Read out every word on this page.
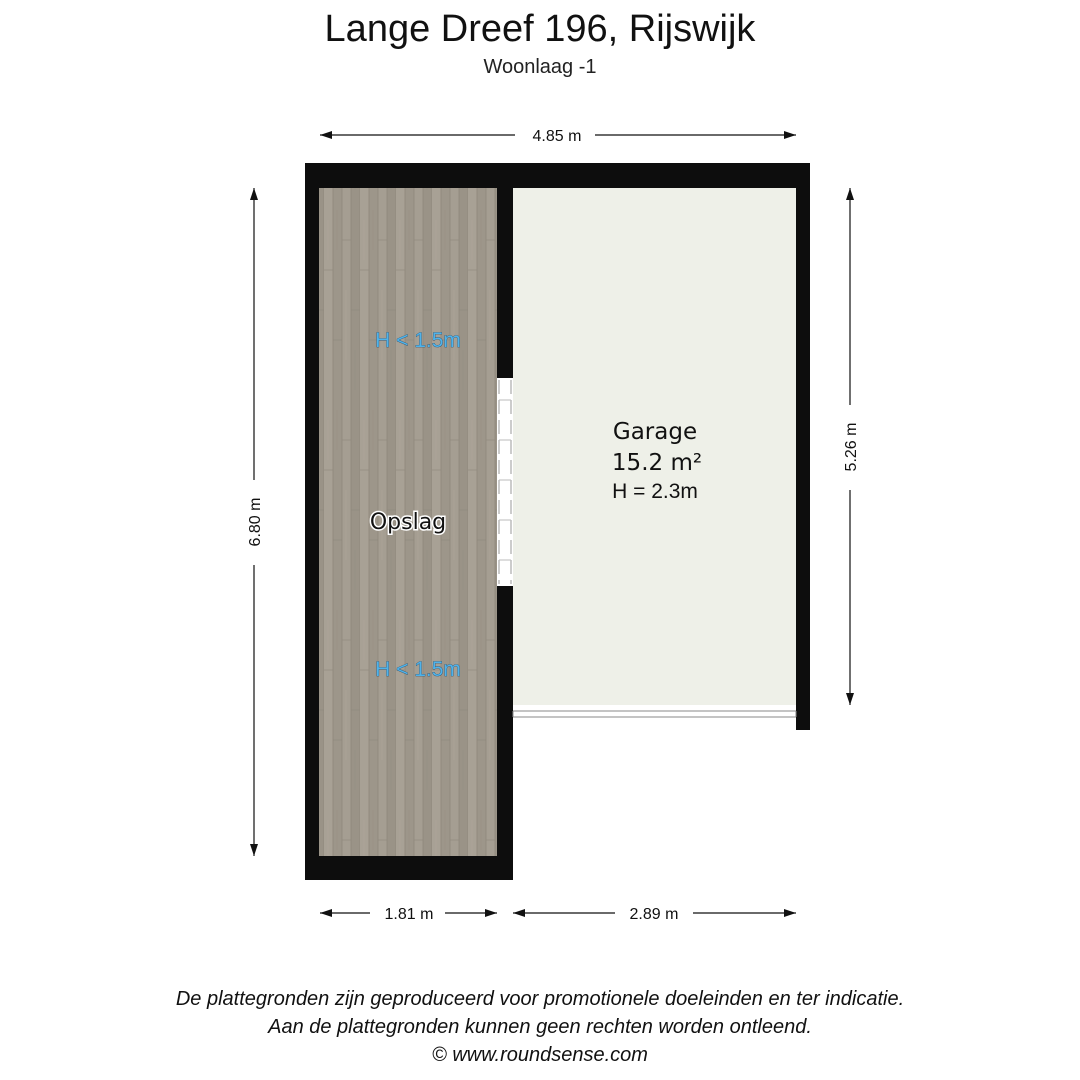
Lange Dreef 196, Rijswijk
Woonlaag -1
4.85 m
6.80 m
5.26 m
1.81 m	2.89 m
H < 1.5m
Opslag
H < 1.5m
Garage
15.2 m²
H = 2.3m
De plattegronden zijn geproduceerd voor promotionele doeleinden en ter indicatie.
Aan de plattegronden kunnen geen rechten worden ontleend.
© www.roundsense.com
